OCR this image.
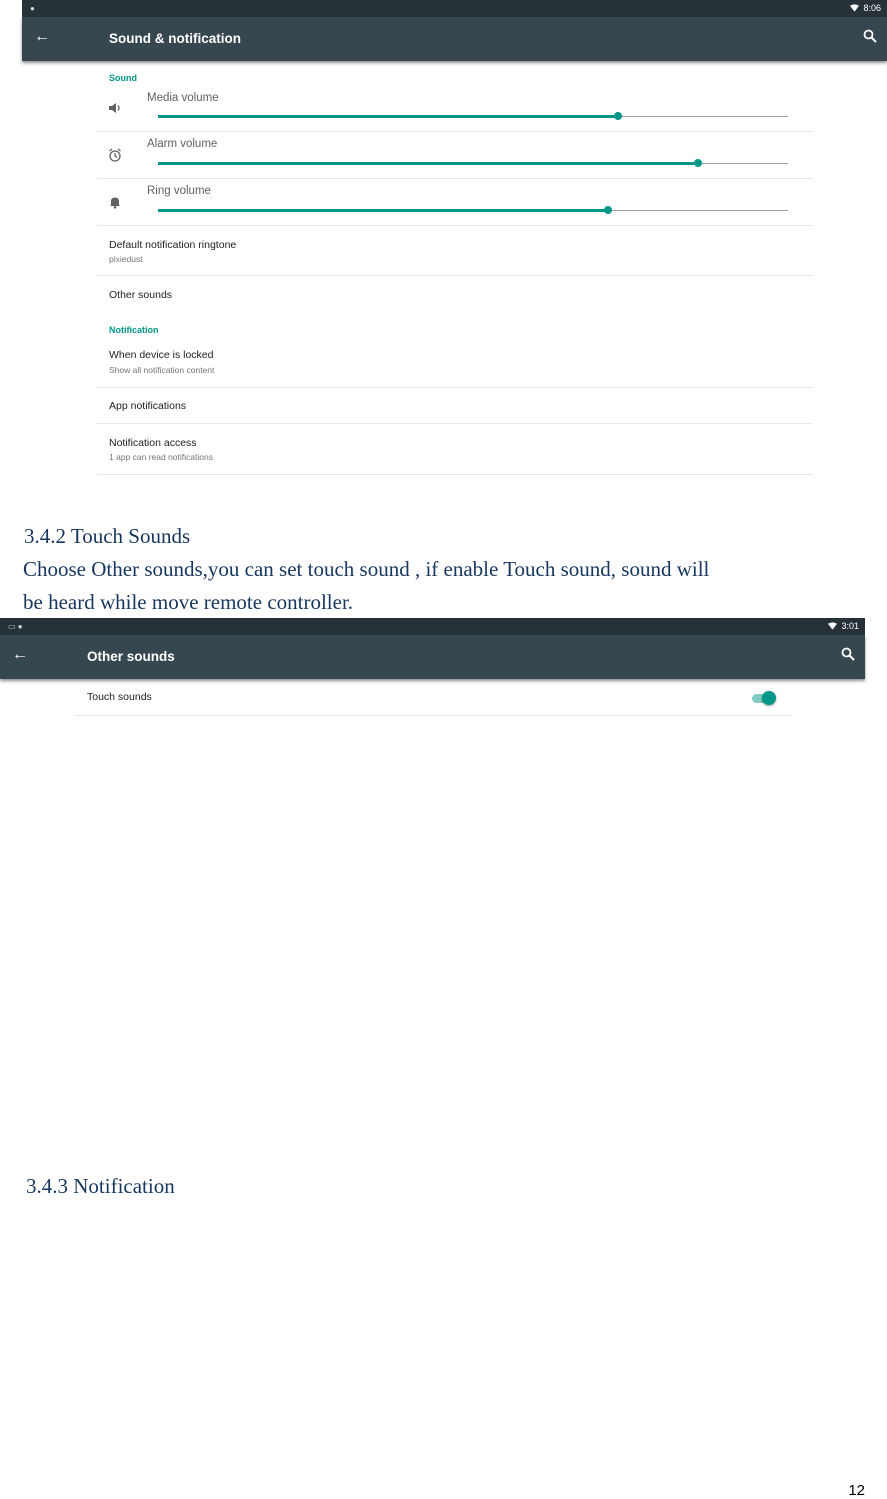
●	8:06
←	Sound & notification
Sound
Media volume
Alarm volume
Ring volume
Default notification ringtone
pixiedust
Other sounds
Notification
When device is locked
Show all notification content
App notifications
Notification access
1 app can read notifications
3.4.2 Touch Sounds
Choose Other sounds,you can set touch sound , if enable Touch sound, sound will
be heard while move remote controller.
▭ ●	3:01
←	Other sounds
Touch sounds
3.4.3 Notification
12
